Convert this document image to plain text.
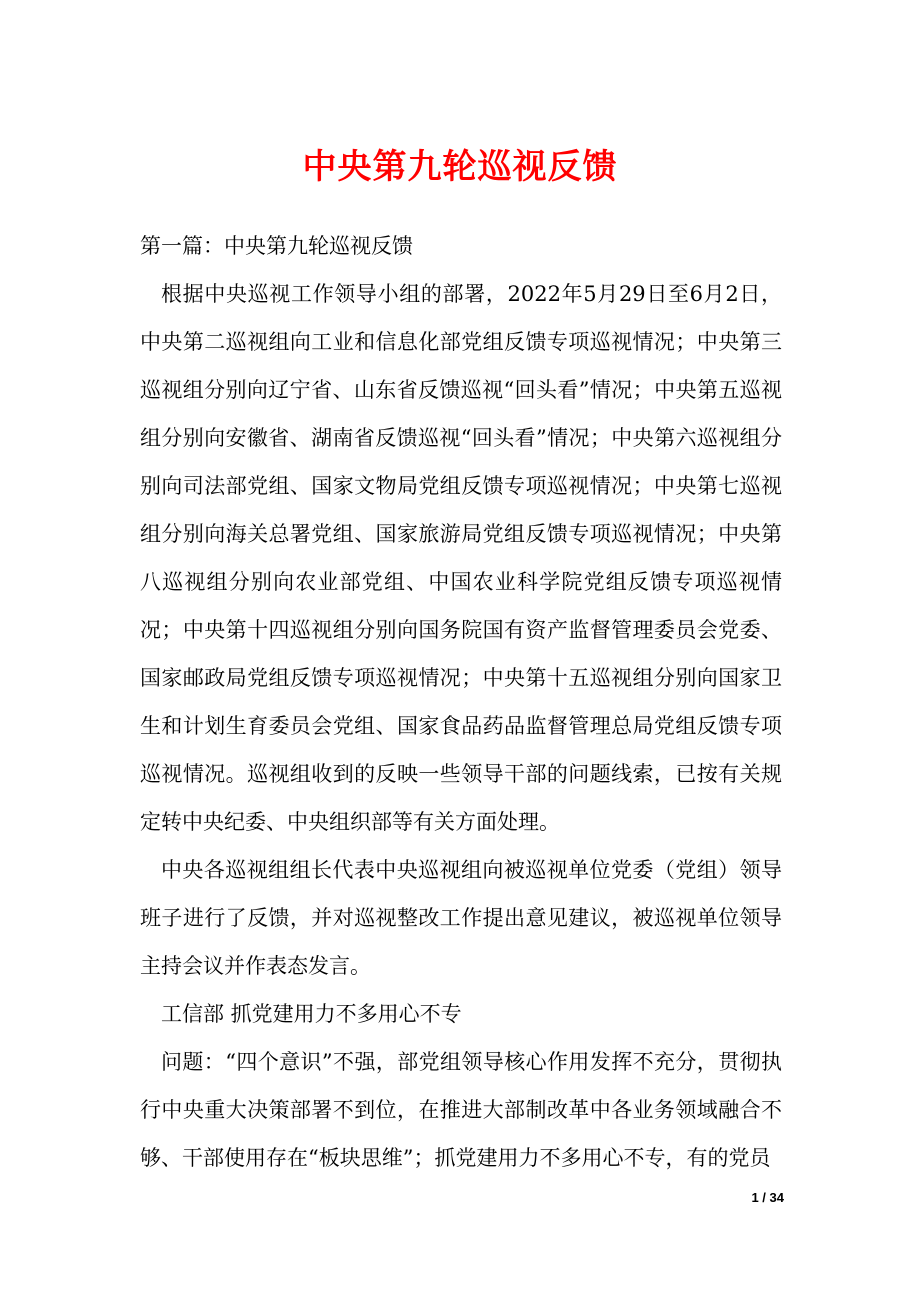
中央第九轮巡视反馈

第一篇：中央第九轮巡视反馈

根据中央巡视工作领导小组的部署，2022年5月29日至6月2日，中央第二巡视组向工业和信息化部党组反馈专项巡视情况；中央第三巡视组分别向辽宁省、山东省反馈巡视“回头看”情况；中央第五巡视组分别向安徽省、湖南省反馈巡视“回头看”情况；中央第六巡视组分别向司法部党组、国家文物局党组反馈专项巡视情况；中央第七巡视组分别向海关总署党组、国家旅游局党组反馈专项巡视情况；中央第八巡视组分别向农业部党组、中国农业科学院党组反馈专项巡视情况；中央第十四巡视组分别向国务院国有资产监督管理委员会党委、国家邮政局党组反馈专项巡视情况；中央第十五巡视组分别向国家卫生和计划生育委员会党组、国家食品药品监督管理总局党组反馈专项巡视情况。巡视组收到的反映一些领导干部的问题线索，已按有关规定转中央纪委、中央组织部等有关方面处理。

中央各巡视组组长代表中央巡视组向被巡视单位党委（党组）领导班子进行了反馈，并对巡视整改工作提出意见建议，被巡视单位领导主持会议并作表态发言。

工信部 抓党建用力不多用心不专

问题：“四个意识”不强，部党组领导核心作用发挥不充分，贯彻执行中央重大决策部署不到位，在推进大部制改革中各业务领域融合不够、干部使用存在“板块思维”；抓党建用力不多用心不专，有的党员

1 / 34
